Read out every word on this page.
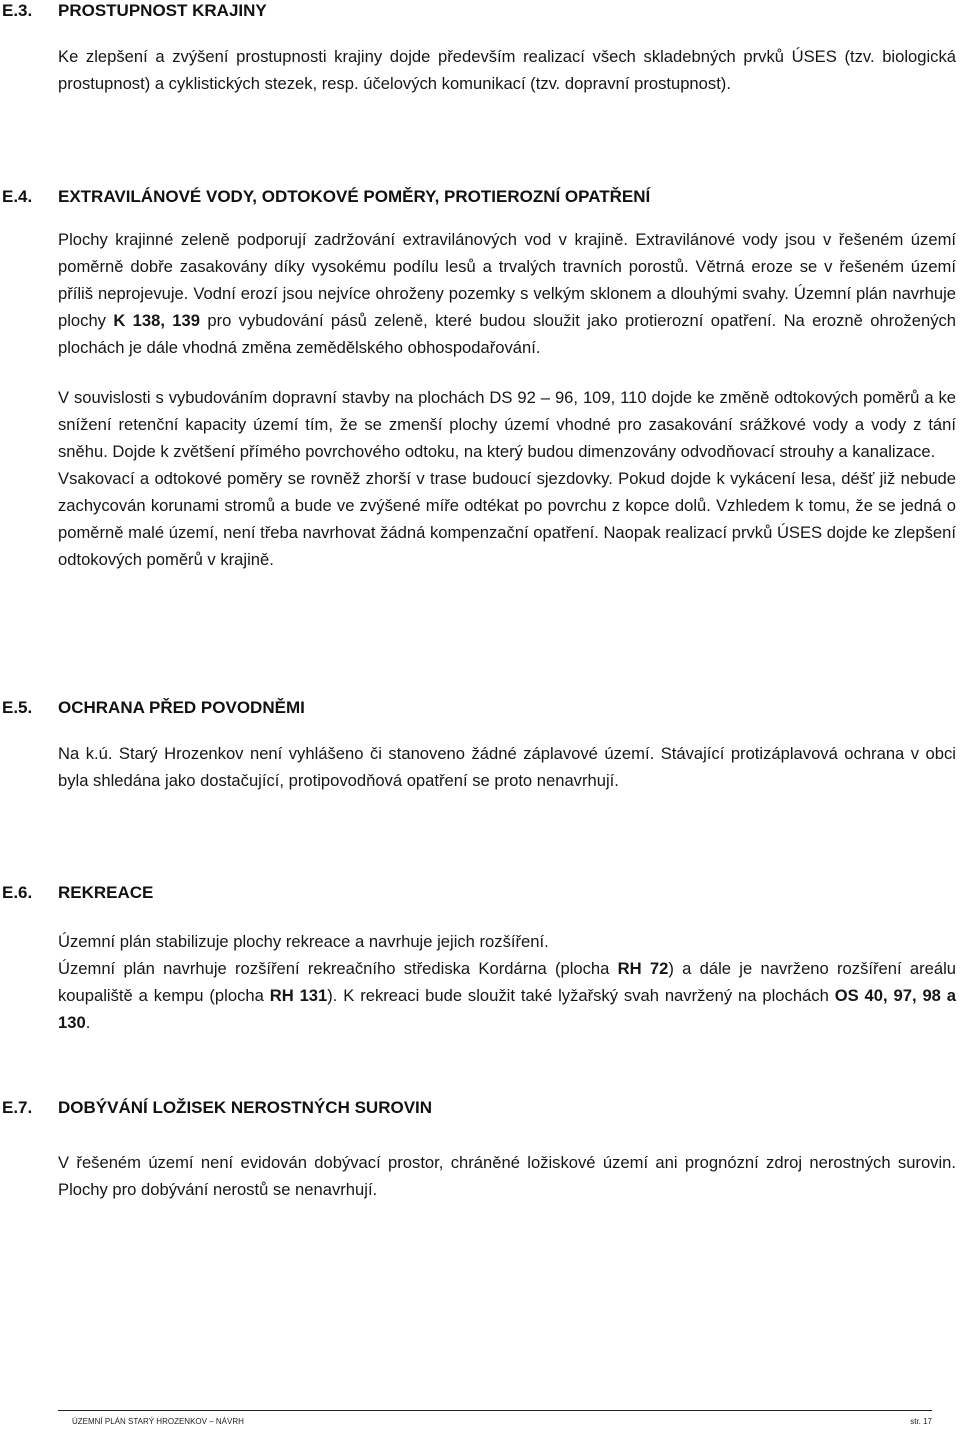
E.3. PROSTUPNOST KRAJINY
Ke zlepšení a zvýšení prostupnosti krajiny dojde především realizací všech skladebných prvků ÚSES (tzv. biologická prostupnost) a cyklistických stezek, resp. účelových komunikací (tzv. dopravní prostupnost).
E.4. EXTRAVILÁNOVÉ VODY, ODTOKOVÉ POMĚRY, PROTIEROZNÍ OPATŘENÍ
Plochy krajinné zeleně podporují zadržování extravilánových vod v krajině. Extravilánové vody jsou v řešeném území poměrně dobře zasakovány díky vysokému podílu lesů a trvalých travních porostů. Větrná eroze se v řešeném území příliš neprojevuje. Vodní erozí jsou nejvíce ohroženy pozemky s velkým sklonem a dlouhými svahy. Územní plán navrhuje plochy K 138, 139 pro vybudování pásů zeleně, které budou sloužit jako protierozní opatření. Na erozně ohrožených plochách je dále vhodná změna zemědělského obhospodařování.
V souvislosti s vybudováním dopravní stavby na plochách DS 92 – 96, 109, 110 dojde ke změně odtokových poměrů a ke snížení retenční kapacity území tím, že se zmenší plochy území vhodné pro zasakování srážkové vody a vody z tání sněhu. Dojde k zvětšení přímého povrchového odtoku, na který budou dimenzovány odvodňovací strouhy a kanalizace.
Vsakovací a odtokové poměry se rovněž zhorší v trase budoucí sjezdovky. Pokud dojde k vykácení lesa, déšť již nebude zachycován korunami stromů a bude ve zvýšené míře odtékat po povrchu z kopce dolů. Vzhledem k tomu, že se jedná o poměrně malé území, není třeba navrhovat žádná kompenzační opatření. Naopak realizací prvků ÚSES dojde ke zlepšení odtokových poměrů v krajině.
E.5. OCHRANA PŘED POVODNĚMI
Na k.ú. Starý Hrozenkov není vyhlášeno či stanoveno žádné záplavové území. Stávající protizáplavová ochrana v obci byla shledána jako dostačující, protipovodňová opatření se proto nenavrhují.
E.6. REKREACE
Územní plán stabilizuje plochy rekreace a navrhuje jejich rozšíření.
Územní plán navrhuje rozšíření rekreačního střediska Kordárna (plocha RH 72) a dále je navrženo rozšíření areálu koupaliště a kempu (plocha RH 131). K rekreaci bude sloužit také lyžařský svah navržený na plochách OS 40, 97, 98 a 130.
E.7. DOBÝVÁNÍ LOŽISEK NEROSTNÝCH SUROVIN
V řešeném území není evidován dobývací prostor, chráněné ložiskové území ani prognózní zdroj nerostných surovin. Plochy pro dobývání nerostů se nenavrhují.
ÚZEMNÍ PLÁN STARÝ HROZENKOV – NÁVRH	str. 17
